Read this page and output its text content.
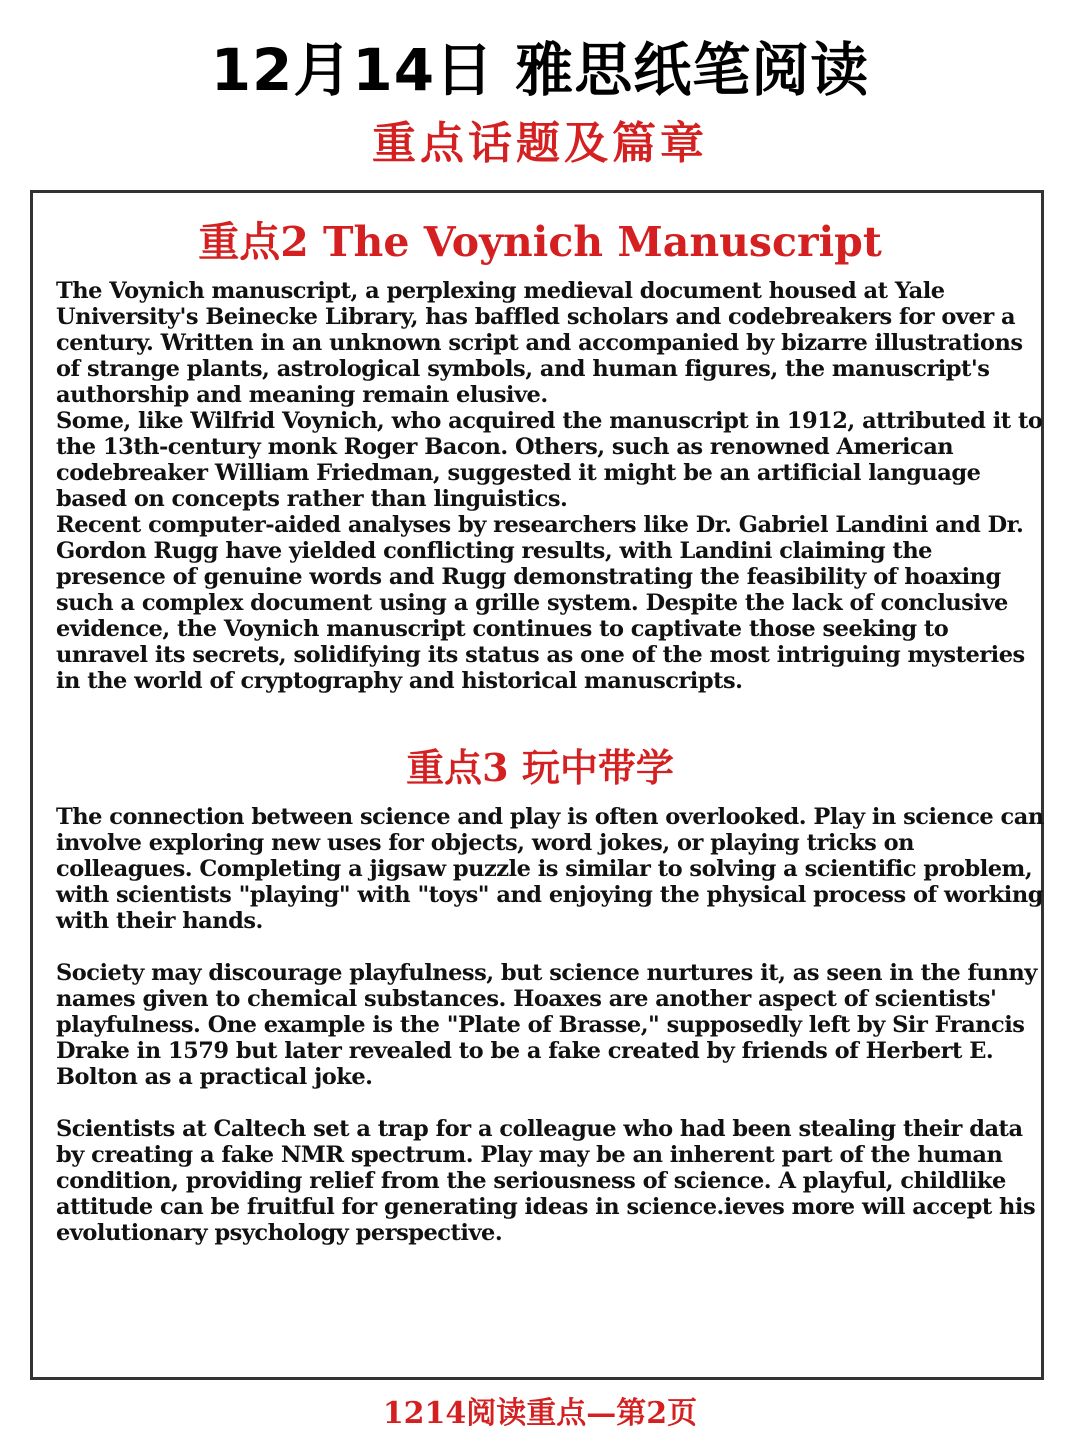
12月14日 雅思纸笔阅读
重点话题及篇章
重点2 The Voynich Manuscript

The Voynich manuscript, a perplexing medieval document housed at Yale University's Beinecke Library, has baffled scholars and codebreakers for over a century. Written in an unknown script and accompanied by bizarre illustrations of strange plants, astrological symbols, and human figures, the manuscript's authorship and meaning remain elusive.

Some, like Wilfrid Voynich, who acquired the manuscript in 1912, attributed it to the 13th-century monk Roger Bacon. Others, such as renowned American codebreaker William Friedman, suggested it might be an artificial language based on concepts rather than linguistics.

Recent computer-aided analyses by researchers like Dr. Gabriel Landini and Dr. Gordon Rugg have yielded conflicting results, with Landini claiming the presence of genuine words and Rugg demonstrating the feasibility of hoaxing such a complex document using a grille system. Despite the lack of conclusive evidence, the Voynich manuscript continues to captivate those seeking to unravel its secrets, solidifying its status as one of the most intriguing mysteries in the world of cryptography and historical manuscripts.

重点3 玩中带学

The connection between science and play is often overlooked. Play in science can involve exploring new uses for objects, word jokes, or playing tricks on colleagues. Completing a jigsaw puzzle is similar to solving a scientific problem, with scientists "playing" with "toys" and enjoying the physical process of working with their hands.

Society may discourage playfulness, but science nurtures it, as seen in the funny names given to chemical substances. Hoaxes are another aspect of scientists' playfulness. One example is the "Plate of Brasse," supposedly left by Sir Francis Drake in 1579 but later revealed to be a fake created by friends of Herbert E. Bolton as a practical joke.

Scientists at Caltech set a trap for a colleague who had been stealing their data by creating a fake NMR spectrum. Play may be an inherent part of the human condition, providing relief from the seriousness of science. A playful, childlike attitude can be fruitful for generating ideas in science.ieves more will accept his evolutionary psychology perspective.

1214阅读重点—第2页
